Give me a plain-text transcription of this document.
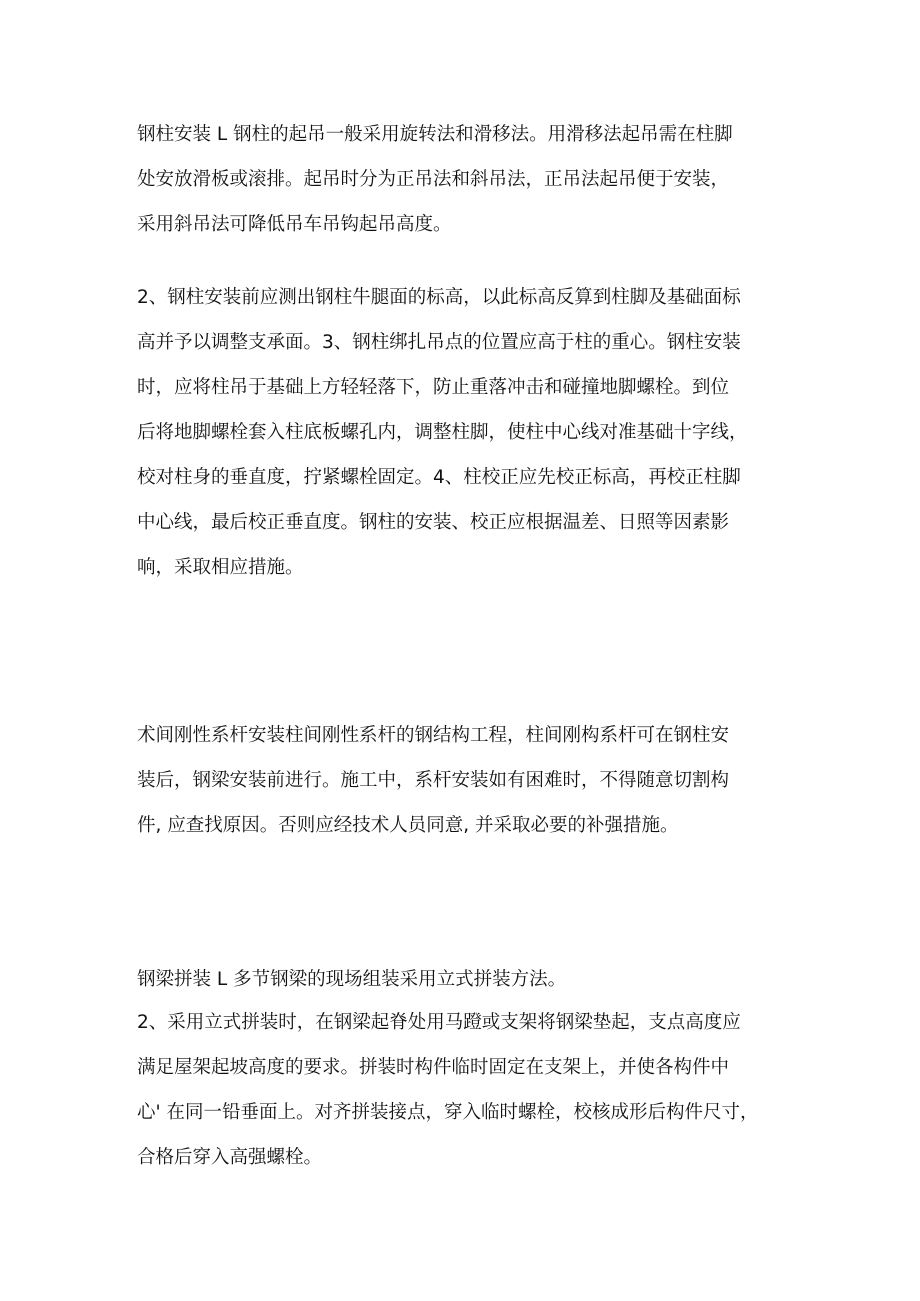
钢柱安装 L 钢柱的起吊一般采用旋转法和滑移法。用滑移法起吊需在柱脚
处安放滑板或滚排。起吊时分为正吊法和斜吊法，正吊法起吊便于安装，
采用斜吊法可降低吊车吊钩起吊高度。
2、钢柱安装前应测出钢柱牛腿面的标高，以此标高反算到柱脚及基础面标
高并予以调整支承面。3、钢柱绑扎吊点的位置应高于柱的重心。钢柱安装
时，应将柱吊于基础上方轻轻落下，防止重落冲击和碰撞地脚螺栓。到位
后将地脚螺栓套入柱底板螺孔内，调整柱脚，使柱中心线对准基础十字线，
校对柱身的垂直度，拧紧螺栓固定。4、柱校正应先校正标高，再校正柱脚
中心线，最后校正垂直度。钢柱的安装、校正应根据温差、日照等因素影
响，采取相应措施。
术间刚性系杆安装柱间刚性系杆的钢结构工程，柱间刚构系杆可在钢柱安
装后，钢梁安装前进行。施工中，系杆安装如有困难时，不得随意切割构
件, 应查找原因。否则应经技术人员同意, 并采取必要的补强措施。
钢梁拼装 L 多节钢梁的现场组装采用立式拼装方法。
2、采用立式拼装时，在钢梁起脊处用马蹬或支架将钢梁垫起，支点高度应
满足屋架起坡高度的要求。拼装时构件临时固定在支架上，并使各构件中
心' 在同一铅垂面上。对齐拼装接点，穿入临时螺栓，校核成形后构件尺寸，
合格后穿入高强螺栓。
